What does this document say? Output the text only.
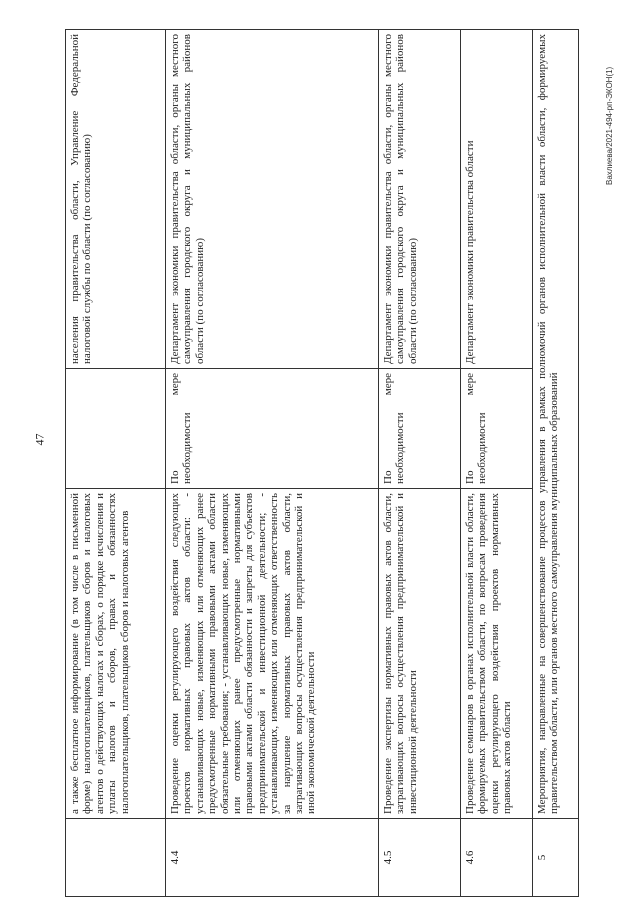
47
Вахлиева/2021-494-рп-ЭКОН(1)
	а также бесплатное информирование (в том числе в письменной форме) налогоплательщиков, плательщиков сборов и налоговых агентов о действующих налогах и сборах, о порядке исчисления и уплаты налогов и сборов, правах и обязанностях налогоплательщиков, плательщиков сборов и налоговых агентов		населения правительства области, Управление Федеральной налоговой службы по области (по согласованию)
4.4	Проведение оценки регулирующего воздействия следующих проектов нормативных правовых актов области: - устанавливающих новые, изменяющих или отменяющих ранее предусмотренные нормативными правовыми актами области обязательные требования; - устанавливающих новые, изменяющих или отменяющих ранее предусмотренные нормативными правовыми актами области обязанности и запреты для субъектов предпринимательской и инвестиционной деятельности; - устанавливающих, изменяющих или отменяющих ответственность за нарушение нормативных правовых актов области, затрагивающих вопросы осуществления предпринимательской и иной экономической деятельности	По мере необходимости	Департамент экономики правительства области, органы местного самоуправления городского округа и муниципальных районов области (по согласованию)
4.5	Проведение экспертизы нормативных правовых актов области, затрагивающих вопросы осуществления предпринимательской и инвестиционной деятельности	По мере необходимости	Департамент экономики правительства области, органы местного самоуправления городского округа и муниципальных районов области (по согласованию)
4.6	Проведение семинаров в органах исполнительной власти области, формируемых правительством области, по вопросам проведения оценки регулирующего воздействия проектов нормативных правовых актов области	По мере необходимости	Департамент экономики правительства области
5	Мероприятия, направленные на совершенствование процессов управления в рамках полномочий органов исполнительной власти области, формируемых правительством области, или органов местного самоуправления муниципальных образований		
